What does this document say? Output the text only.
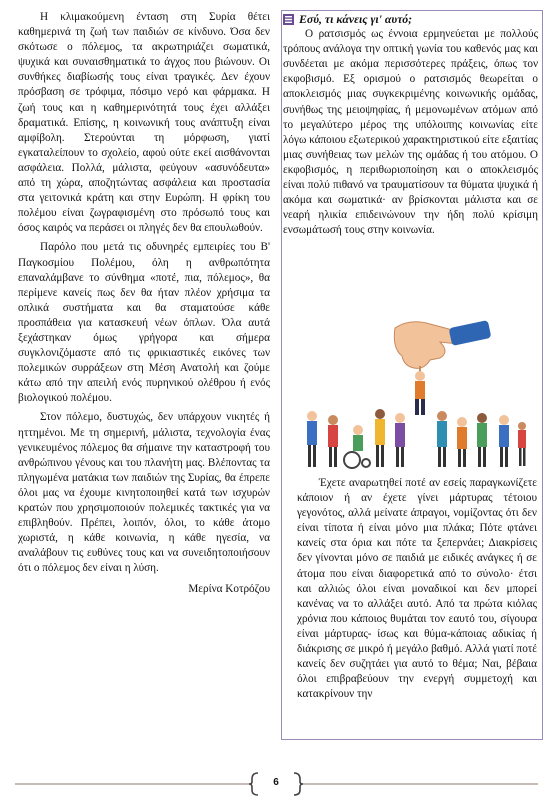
Η κλιμακούμενη ένταση στη Συρία θέτει καθημερινά τη ζωή των παιδιών σε κίνδυνο. Όσα δεν σκότωσε ο πόλεμος, τα ακρωτηριάζει σωματικά, ψυχικά και συναισθηματικά το άγχος που βιώνουν. Οι συνθήκες διαβίωσής τους είναι τραγικές. Δεν έχουν πρόσβαση σε τρόφιμα, πόσιμο νερό και φάρμακα. Η ζωή τους και η καθημερινότητά τους έχει αλλάξει δραματικά. Επίσης, η κοινωνική τους ανάπτυξη είναι αμφίβολη. Στερούνται τη μόρφωση, γιατί εγκαταλείπουν το σχολείο, αφού ούτε εκεί αισθάνονται ασφάλεια. Πολλά, μάλιστα, φεύγουν «ασυνόδευτα» από τη χώρα, αποζητώντας ασφάλεια και προστασία στα γειτονικά κράτη και στην Ευρώπη. Η φρίκη του πολέμου είναι ζωγραφισμένη στο πρόσωπό τους και όσος καιρός να περάσει οι πληγές δεν θα επουλωθούν.

Παρόλο που μετά τις οδυνηρές εμπειρίες του Β' Παγκοσμίου Πολέμου, όλη η ανθρωπότητα επαναλάμβανε το σύνθημα «ποτέ, πια, πόλεμος», θα περίμενε κανείς πως δεν θα ήταν πλέον χρήσιμα τα οπλικά συστήματα και θα σταματούσε κάθε προσπάθεια για κατασκευή νέων όπλων. Όλα αυτά ξεχάστηκαν όμως γρήγορα και σήμερα συγκλονιζόμαστε από τις φρικιαστικές εικόνες των πολεμικών συρράξεων στη Μέση Ανατολή και ζούμε κάτω από την απειλή ενός πυρηνικού ολέθρου ή ενός βιολογικού πολέμου.

Στον πόλεμο, δυστυχώς, δεν υπάρχουν νικητές ή ηττημένοι. Με τη σημερινή, μάλιστα, τεχνολογία ένας γενικευμένος πόλεμος θα σήμαινε την καταστροφή του ανθρώπινου γένους και του πλανήτη μας. Βλέποντας τα πληγωμένα ματάκια των παιδιών της Συρίας, θα έπρεπε όλοι μας να έχουμε κινητοποιηθεί κατά των ισχυρών κρατών που χρησιμοποιούν πολεμικές τακτικές για να επιβληθούν. Πρέπει, λοιπόν, όλοι, το κάθε άτομο χωριστά, η κάθε κοινωνία, η κάθε ηγεσία, να αναλάβουν τις ευθύνες τους και να συνειδητοποιήσουν ότι ο πόλεμος δεν είναι η λύση.

Μερίνα Κοτρόζου
Εσύ, τι κάνεις γι' αυτό;

Ο ρατσισμός ως έννοια ερμηνεύεται με πολλούς τρόπους ανάλογα την οπτική γωνία του καθενός μας και συνδέεται με ακόμα περισσότερες πράξεις, όπως τον εκφοβισμό. Εξ ορισμού ο ρατσισμός θεωρείται ο αποκλεισμός μιας συγκεκριμένης κοινωνικής ομάδας, συνήθως της μειοψηφίας, ή μεμονωμένων ατόμων από το μεγαλύτερο μέρος της υπόλοιπης κοινωνίας είτε λόγω κάποιου εξωτερικού χαρακτηριστικού είτε εξαιτίας μιας συνήθειας των μελών της ομάδας ή του ατόμου. Ο εκφοβισμός, η περιθωριοποίηση και ο αποκλεισμός είναι πολύ πιθανό να τραυματίσουν τα θύματα ψυχικά ή ακόμα και σωματικά· αν βρίσκονται μάλιστα και σε νεαρή ηλικία επιδεινώνουν την ήδη πολύ κρίσιμη ενσωμάτωσή τους στην κοινωνία.

Έχετε αναρωτηθεί ποτέ αν εσείς παραγκωνίζετε κάποιον ή αν έχετε γίνει μάρτυρας τέτοιου γεγονότος, αλλά μείνατε άπραγοι, νομίζοντας ότι δεν είναι τίποτα ή είναι μόνο μια πλάκα; Πότε φτάνει κανείς στα όρια και πότε τα ξεπερνάει; Διακρίσεις δεν γίνονται μόνο σε παιδιά με ειδικές ανάγκες ή σε άτομα που είναι διαφορετικά από το σύνολο· έτσι και αλλιώς όλοι είναι μοναδικοί και δεν μπορεί κανένας να το αλλάξει αυτό. Από τα πρώτα κιόλας χρόνια που κάποιος θυμάται τον εαυτό του, σίγουρα είναι μάρτυρας- ίσως και θύμα-κάποιας αδικίας ή διάκρισης σε μικρό ή μεγάλο βαθμό. Αλλά γιατί ποτέ κανείς δεν συζητάει για αυτό το θέμα; Ναι, βέβαια όλοι επιβραβεύουν την ενεργή συμμετοχή και κατακρίνουν την

6
